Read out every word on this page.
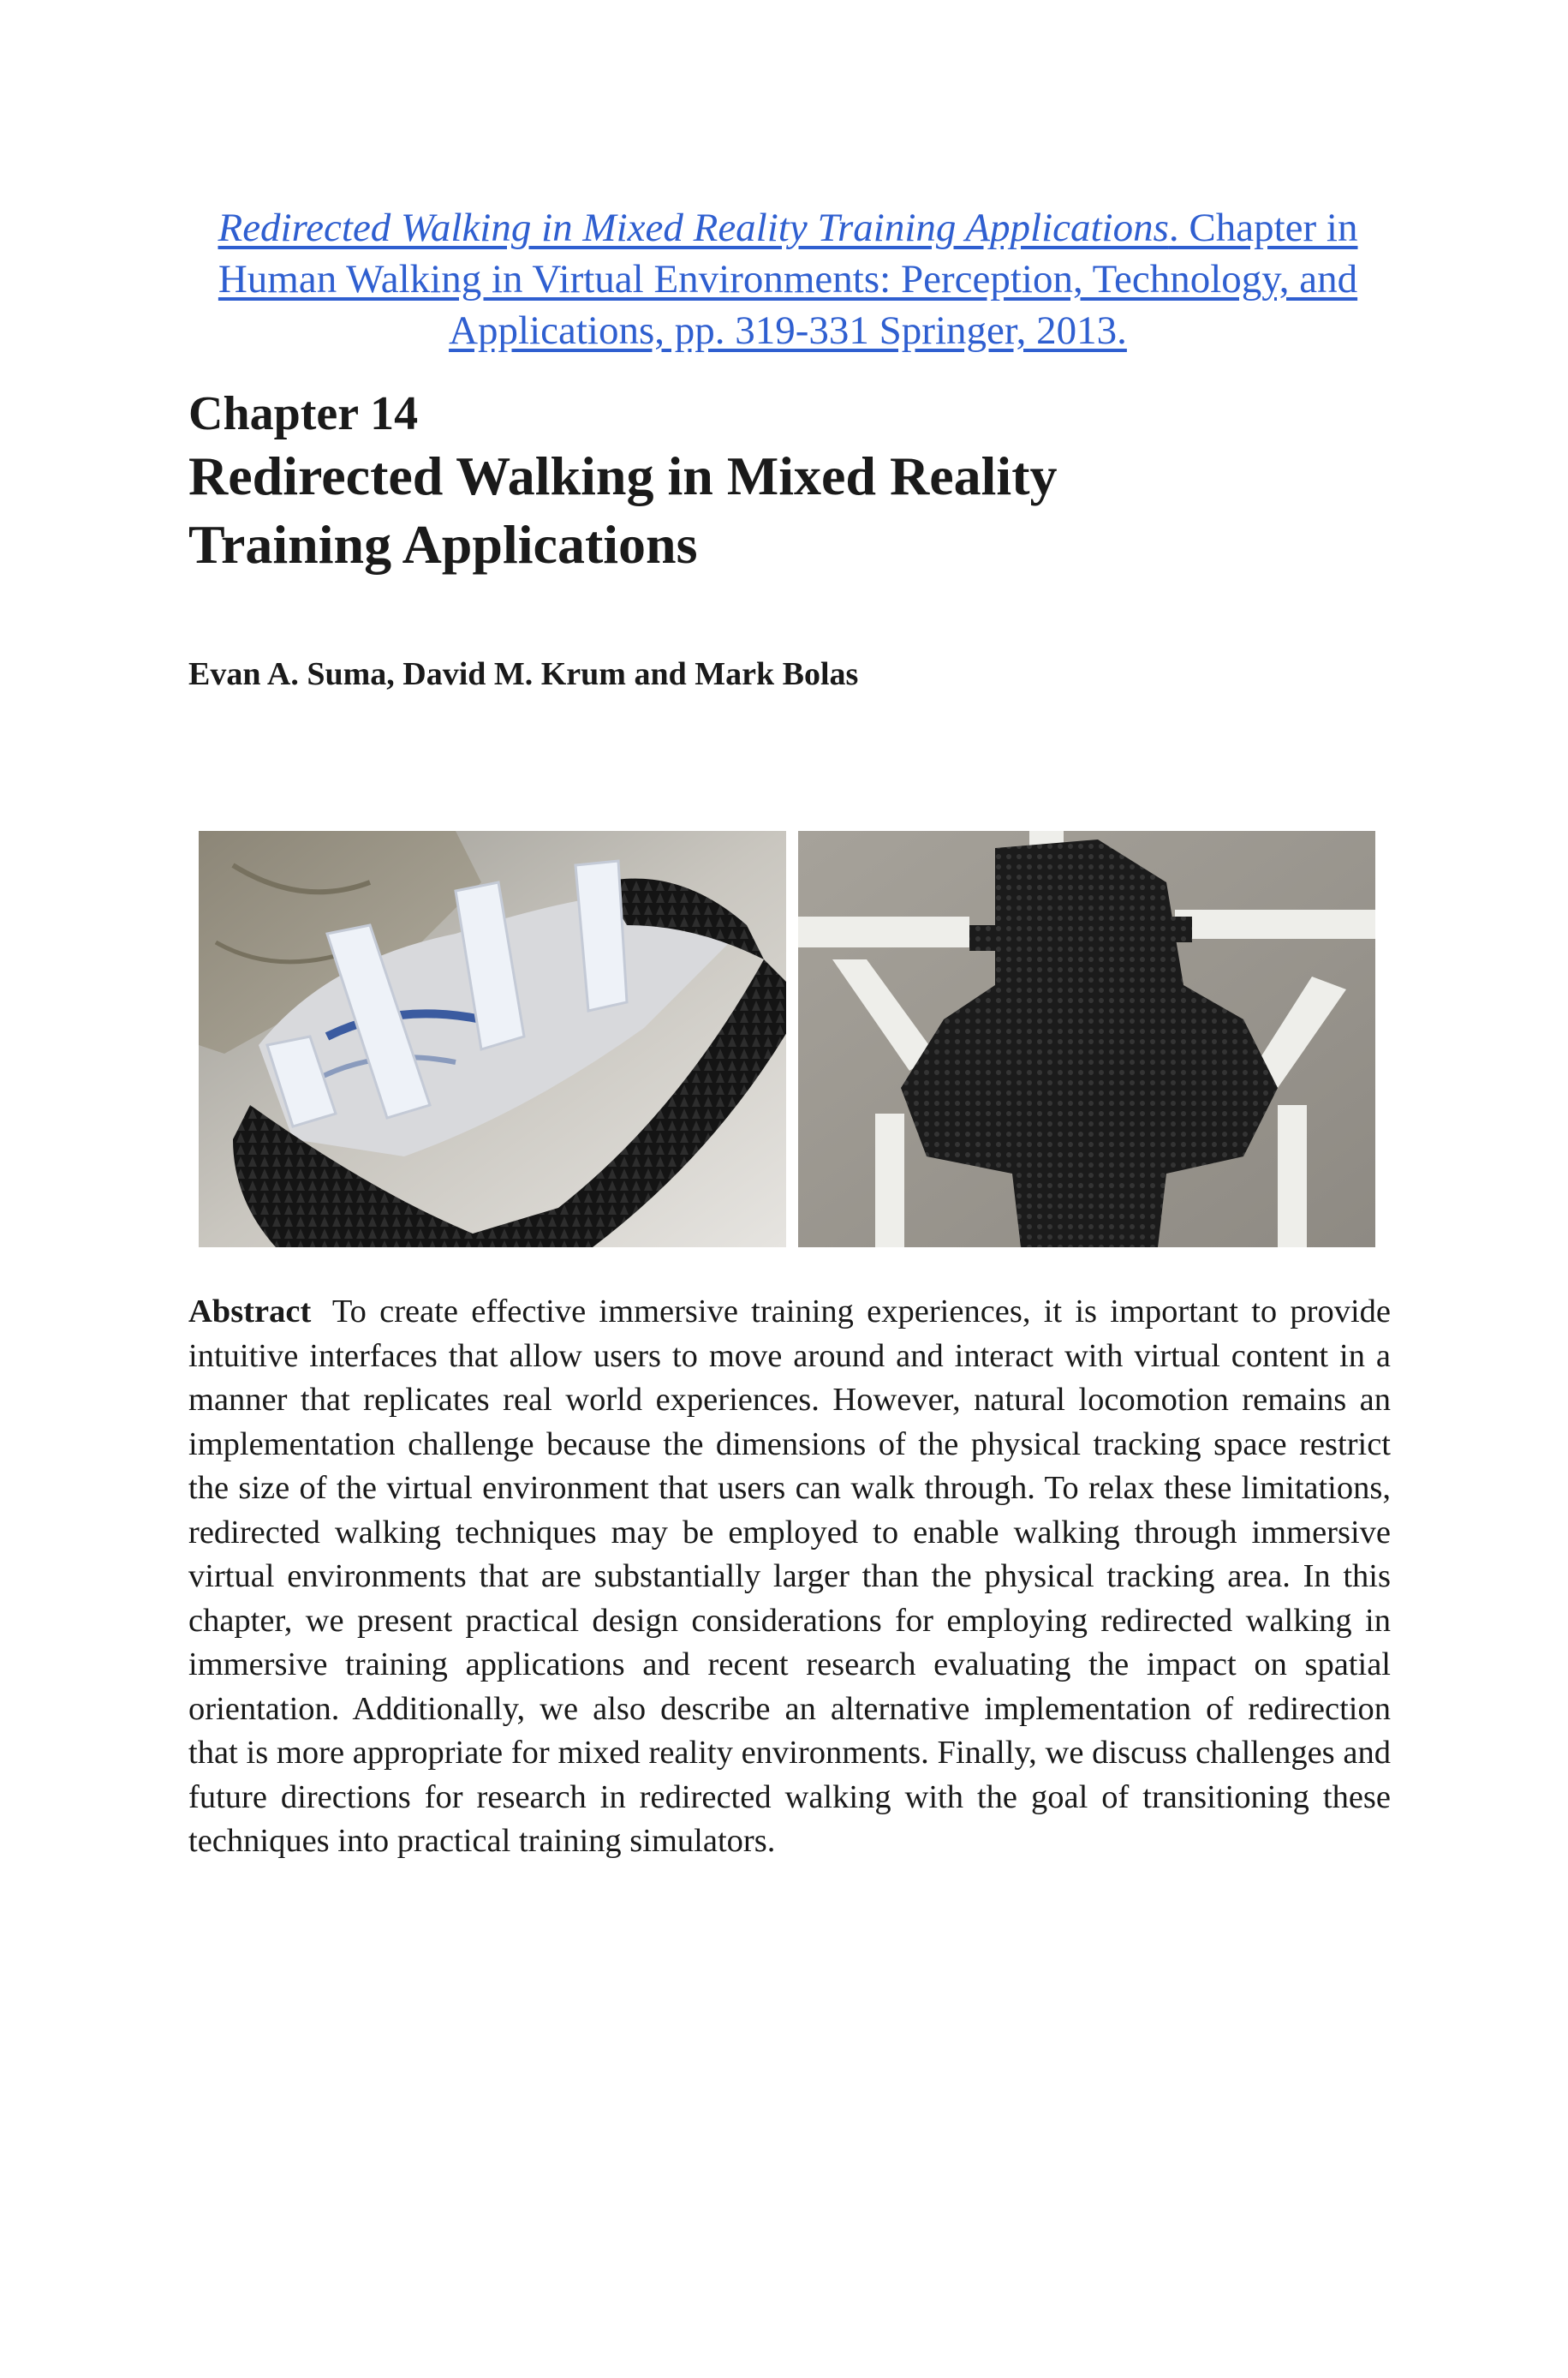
Redirected Walking in Mixed Reality Training Applications. Chapter in Human Walking in Virtual Environments: Perception, Technology, and Applications, pp. 319-331 Springer, 2013.
Chapter 14
Redirected Walking in Mixed Reality
Training Applications
Evan A. Suma, David M. Krum and Mark Bolas

Abstract To create effective immersive training experiences, it is important to provide intuitive interfaces that allow users to move around and interact with virtual content in a manner that replicates real world experiences. However, natural locomotion remains an implementation challenge because the dimensions of the physical tracking space restrict the size of the virtual environment that users can walk through. To relax these limitations, redirected walking techniques may be employed to enable walking through immersive virtual environments that are substantially larger than the physical tracking area. In this chapter, we present practical design considerations for employing redirected walking in immersive training applications and recent research evaluating the impact on spatial orientation. Additionally, we also describe an alternative implementation of redirection that is more appropriate for mixed reality environments. Finally, we discuss challenges and future directions for research in redirected walking with the goal of transitioning these techniques into practical training simulators.
